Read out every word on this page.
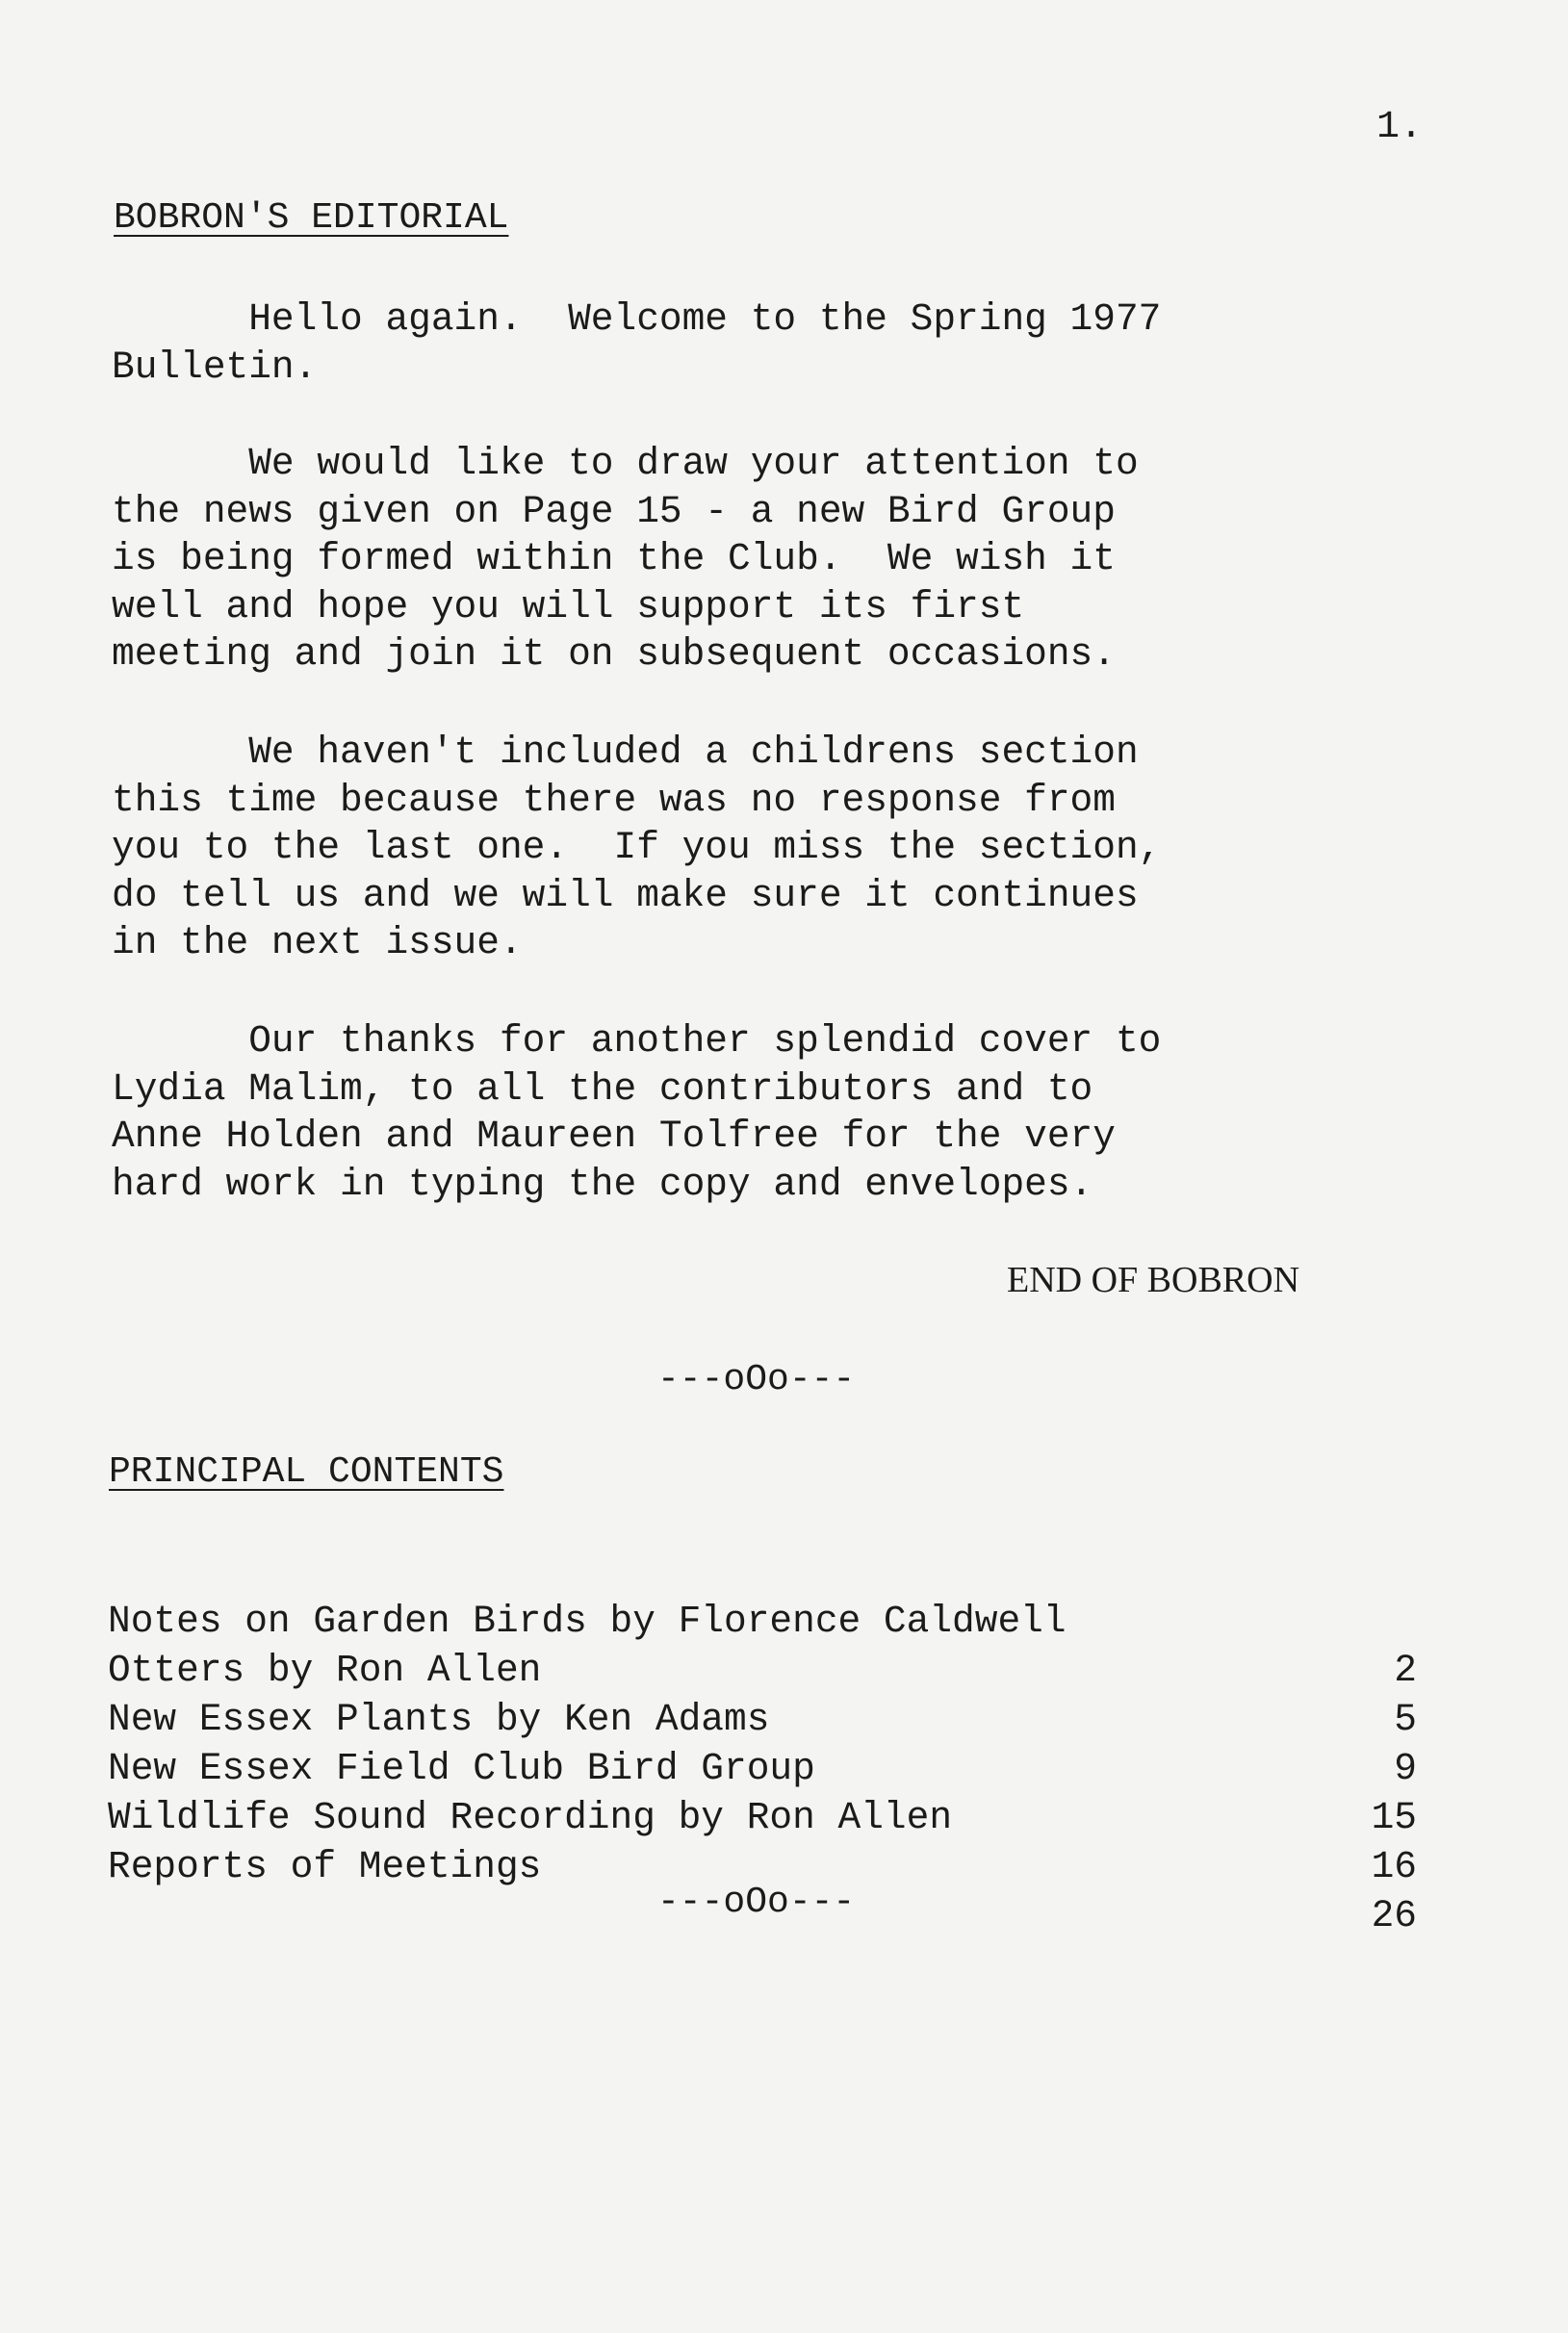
1.
BOBRON'S EDITORIAL
Hello again.  Welcome to the Spring 1977
Bulletin.
We would like to draw your attention to
the news given on Page 15 - a new Bird Group
is being formed within the Club.  We wish it
well and hope you will support its first
meeting and join it on subsequent occasions.
We haven't included a childrens section
this time because there was no response from
you to the last one.  If you miss the section,
do tell us and we will make sure it continues
in the next issue.
Our thanks for another splendid cover to
Lydia Malim, to all the contributors and to
Anne Holden and Maureen Tolfree for the very
hard work in typing the copy and envelopes.
END OF BOBRON
---oOo---
PRINCIPAL CONTENTS

Notes on Garden Birds by Florence Caldwell

2

Otters by Ron Allen

5

New Essex Plants by Ken Adams

9

New Essex Field Club Bird Group

15

Wildlife Sound Recording by Ron Allen

16

Reports of Meetings

26

---oOo---
